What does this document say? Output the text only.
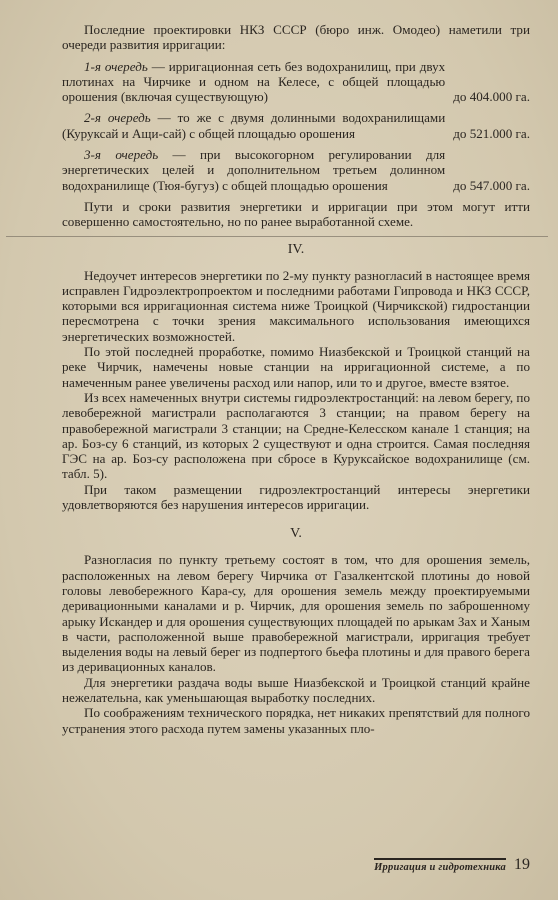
Последние проектировки НКЗ СССР (бюро инж. Омодео) наметили три очереди развития ирригации:

1-я очередь — ирригационная сеть без водохранилищ, при двух плотинах на Чирчике и одном на Келесе, с общей площадью орошения (включая существующую)	до 404.000 га.

2-я очередь — то же с двумя долинными водохранилищами (Куруксай и Ащи-сай) с общей площадью орошения	до 521.000 га.

3-я очередь — при высокогорном регулировании для энергетических целей и дополнительном третьем долинном водохранилище (Тюя-бугуз) с общей площадью орошения	до 547.000 га.

Пути и сроки развития энергетики и ирригации при этом могут итти совершенно самостоятельно, но по ранее выработанной схеме.

IV.

Недоучет интересов энергетики по 2-му пункту разногласий в настоящее время исправлен Гидроэлектропроектом и последними работами Гипровода и НКЗ СССР, которыми вся ирригационная система ниже Троицкой (Чирчикской) гидростанции пересмотрена с точки зрения максимального использования имеющихся энергетических возможностей.

По этой последней проработке, помимо Ниазбекской и Троицкой станций на реке Чирчик, намечены новые станции на ирригационной системе, а по намеченным ранее увеличены расход или напор, или то и другое, вместе взятое.

Из всех намеченных внутри системы гидроэлектростанций: на левом берегу, по левобережной магистрали располагаются 3 станции; на правом берегу на правобережной магистрали 3 станции; на Средне-Келесском канале 1 станция; на ар. Боз-су 6 станций, из которых 2 существуют и одна строится. Самая последняя ГЭС на ар. Боз-су расположена при сбросе в Куруксайское водохранилище (см. табл. 5).

При таком размещении гидроэлектростанций интересы энергетики удовлетворяются без нарушения интересов ирригации.

V.

Разногласия по пункту третьему состоят в том, что для орошения земель, расположенных на левом берегу Чирчика от Газалкентской плотины до новой головы левобережного Кара-су, для орошения земель между проектируемыми деривационными каналами и р. Чирчик, для орошения земель по заброшенному арыку Искандер и для орошения существующих площадей по арыкам Зах и Ханым в части, расположенной выше правобережной магистрали, ирригация требует выделения воды на левый берег из подпертого бьефа плотины и для правого берега из деривационных каналов.

Для энергетики раздача воды выше Ниазбекской и Троицкой станций крайне нежелательна, как уменьшающая выработку последних.

По соображениям технического порядка, нет никаких препятствий для полного устранения этого расхода путем замены указанных пло-

Ирригация и гидротехника 19
